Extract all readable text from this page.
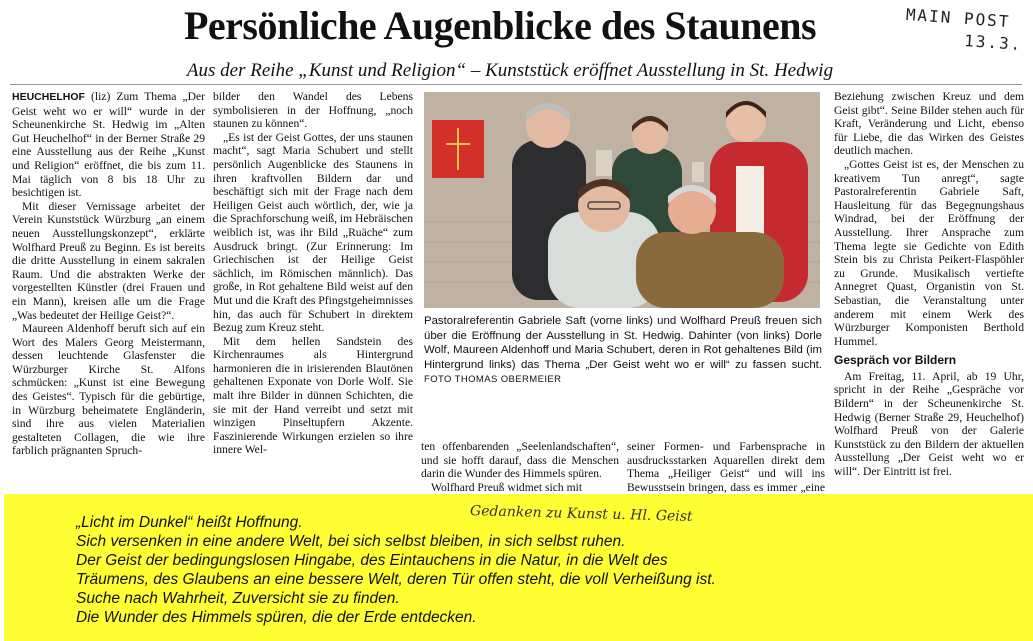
Persönliche Augenblicke des Staunens	MAIN POST
13.3.
Aus der Reihe „Kunst und Religion“ – Kunststück eröffnet Ausstellung in St. Hedwig

HEUCHELHOF (liz) Zum Thema „Der Geist weht wo er will“ wurde in der Scheunenkirche St. Hedwig im „Alten Gut Heuchelhof“ in der Berner Straße 29 eine Ausstellung aus der Reihe „Kunst und Religion“ eröffnet, die bis zum 11. Mai täglich von 8 bis 18 Uhr zu besichtigen ist.

Mit dieser Vernissage arbeitet der Verein Kunststück Würzburg „an einem neuen Ausstellungskonzept“, erklärte Wolfhard Preuß zu Beginn. Es ist bereits die dritte Ausstellung in einem sakralen Raum. Und die abstrakten Werke der vorgestellten Künstler (drei Frauen und ein Mann), kreisen alle um die Frage „Was bedeutet der Heilige Geist?“.

Maureen Aldenhoff beruft sich auf ein Wort des Malers Georg Meistermann, dessen leuchtende Glasfenster die Würzburger Kirche St. Alfons schmücken: „Kunst ist eine Bewegung des Geistes“. Typisch für die gebürtige, in Würzburg beheimatete Engländerin, sind ihre aus vielen Materialien gestalteten Collagen, die wie ihre farblich prägnanten Spruch-

bilder den Wandel des Lebens symbolisieren in der Hoffnung, „noch staunen zu können“.

„Es ist der Geist Gottes, der uns staunen macht“, sagt Maria Schubert und stellt persönlich Augenblicke des Staunens in ihren kraftvollen Bildern dar und beschäftigt sich mit der Frage nach dem Heiligen Geist auch wörtlich, der, wie ja die Sprachforschung weiß, im Hebräischen weiblich ist, was ihr Bild „Ruäche“ zum Ausdruck bringt. (Zur Erinnerung: Im Griechischen ist der Heilige Geist sächlich, im Römischen männlich). Das große, in Rot gehaltene Bild weist auf den Mut und die Kraft des Pfingstgeheimnisses hin, das auch für Schubert in direktem Bezug zum Kreuz steht.

Mit dem hellen Sandstein des Kirchenraumes als Hintergrund harmonieren die in irisierenden Blautönen gehaltenen Exponate von Dorle Wolf. Sie malt ihre Bilder in dünnen Schichten, die sie mit der Hand verreibt und setzt mit winzigen Pinseltupfern Akzente. Faszinierende Wirkungen erzielen so ihre innere Wel-

Pastoralreferentin Gabriele Saft (vorne links) und Wolfhard Preuß freuen sich über die Eröffnung der Ausstellung in St. Hedwig. Dahinter (von links) Dorle Wolf, Maureen Aldenhoff und Maria Schubert, deren in Rot gehaltenes Bild (im Hintergrund links) das Thema „Der Geist weht wo er will“ zu fassen sucht. FOTO THOMAS OBERMEIER

ten offenbarenden „Seelenlandschaften“, und sie hofft darauf, dass die Menschen darin die Wunder des Himmels spüren.

Wolfhard Preuß widmet sich mit

seiner Formen- und Farbensprache in ausdrucksstarken Aquarellen direkt dem Thema „Heiliger Geist“ und will ins Bewusstsein bringen, dass es immer „eine

Beziehung zwischen Kreuz und dem Geist gibt“. Seine Bilder stehen auch für Kraft, Veränderung und Licht, ebenso für Liebe, die das Wirken des Geistes deutlich machen.

„Gottes Geist ist es, der Menschen zu kreativem Tun anregt“, sagte Pastoralreferentin Gabriele Saft, Hausleitung für das Begegnungshaus Windrad, bei der Eröffnung der Ausstellung. Ihrer Ansprache zum Thema legte sie Gedichte von Edith Stein bis zu Christa Peikert-Flaspöhler zu Grunde. Musikalisch vertiefte Annegret Quast, Organistin von St. Sebastian, die Veranstaltung unter anderem mit einem Werk des Würzburger Komponisten Berthold Hummel.

Gespräch vor Bildern

Am Freitag, 11. April, ab 19 Uhr, spricht in der Reihe „Gespräche vor Bildern“ in der Scheunenkirche St. Hedwig (Berner Straße 29, Heuchelhof) Wolfhard Preuß von der Galerie Kunststück zu den Bildern der aktuellen Ausstellung „Der Geist weht wo er will“. Der Eintritt ist frei.

Gedanken zu Kunst u. Hl. Geist
„Licht im Dunkel“ heißt Hoffnung.
Sich versenken in eine andere Welt, bei sich selbst bleiben, in sich selbst ruhen.
Der Geist der bedingungslosen Hingabe, des Eintauchens in die Natur, in die Welt des
Träumens, des Glaubens an eine bessere Welt, deren Tür offen steht, die voll Verheißung ist.
Suche nach Wahrheit, Zuversicht sie zu finden.
Die Wunder des Himmels spüren, die der Erde entdecken.
